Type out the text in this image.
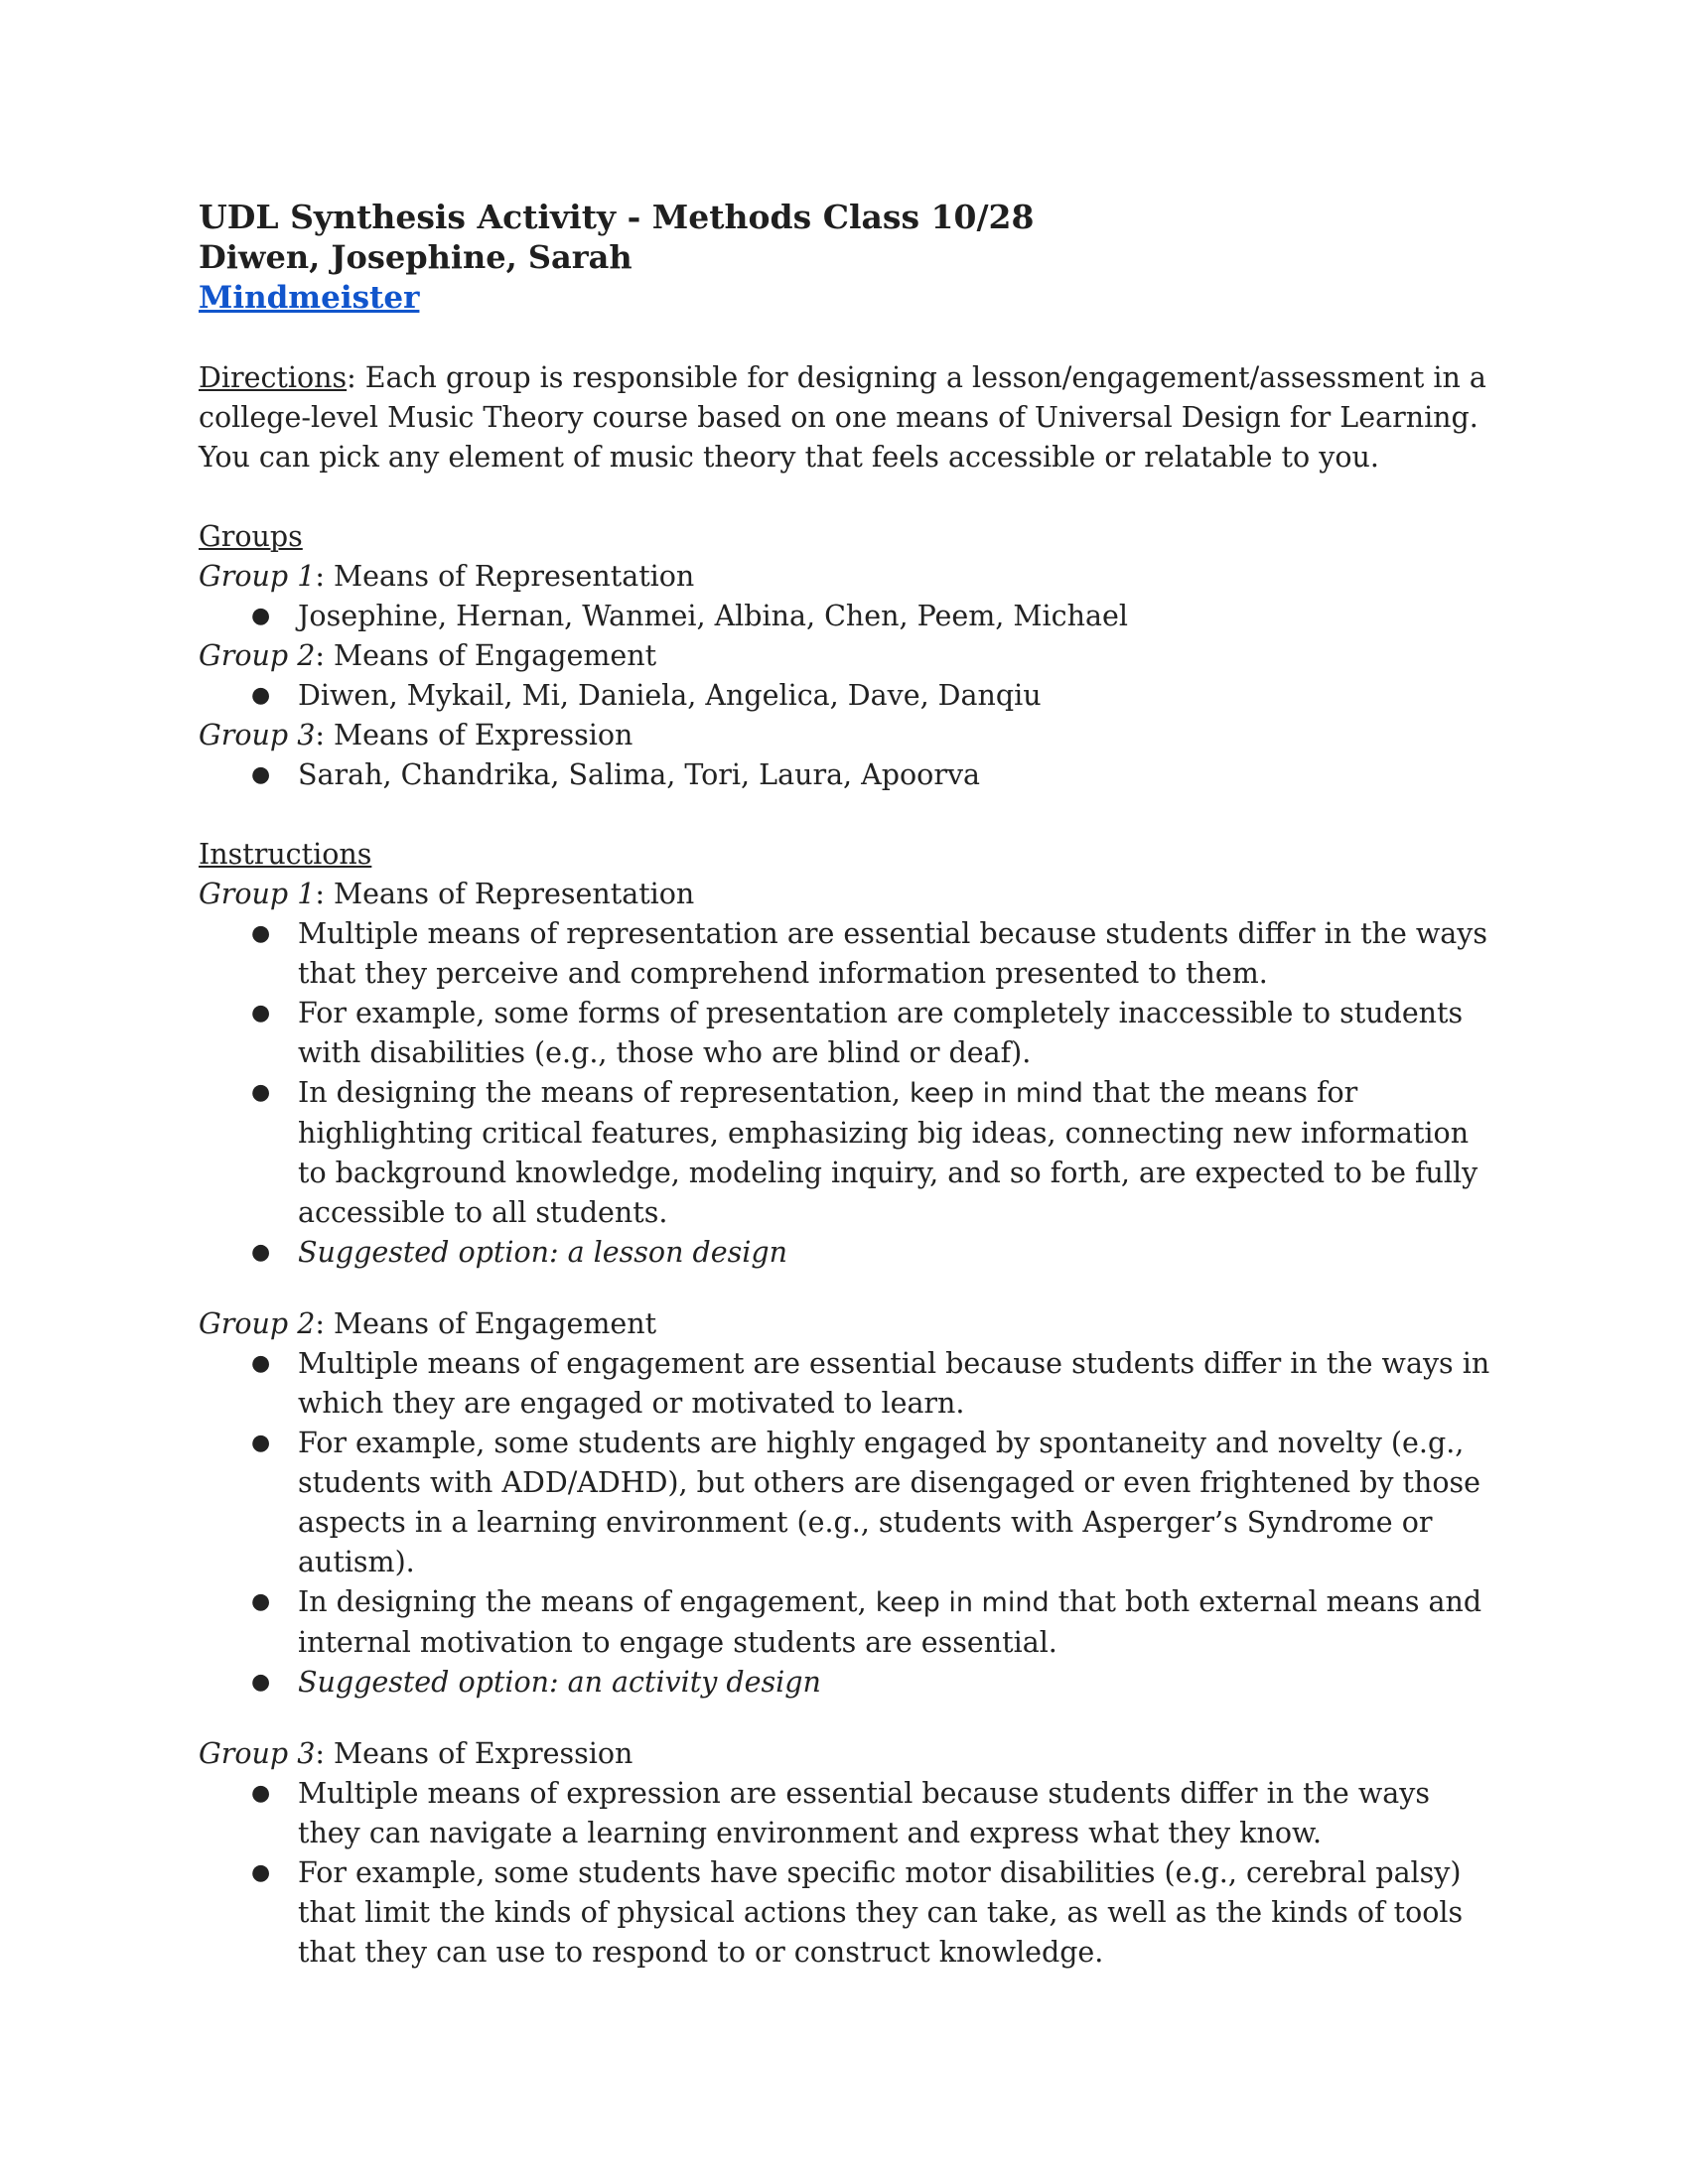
UDL Synthesis Activity - Methods Class 10/28
Diwen, Josephine, Sarah
Mindmeister
Directions: Each group is responsible for designing a lesson/engagement/assessment in a college-level Music Theory course based on one means of Universal Design for Learning. You can pick any element of music theory that feels accessible or relatable to you.
Groups
Group 1: Means of Representation
● Josephine, Hernan, Wanmei, Albina, Chen, Peem, Michael
Group 2: Means of Engagement
● Diwen, Mykail, Mi, Daniela, Angelica, Dave, Danqiu
Group 3: Means of Expression
● Sarah, Chandrika, Salima, Tori, Laura, Apoorva
Instructions
Group 1: Means of Representation
● Multiple means of representation are essential because students differ in the ways that they perceive and comprehend information presented to them.
● For example, some forms of presentation are completely inaccessible to students with disabilities (e.g., those who are blind or deaf).
● In designing the means of representation, keep in mind that the means for highlighting critical features, emphasizing big ideas, connecting new information to background knowledge, modeling inquiry, and so forth, are expected to be fully accessible to all students.
● Suggested option: a lesson design
Group 2: Means of Engagement
● Multiple means of engagement are essential because students differ in the ways in which they are engaged or motivated to learn.
● For example, some students are highly engaged by spontaneity and novelty (e.g., students with ADD/ADHD), but others are disengaged or even frightened by those aspects in a learning environment (e.g., students with Asperger’s Syndrome or autism).
● In designing the means of engagement, keep in mind that both external means and internal motivation to engage students are essential.
● Suggested option: an activity design
Group 3: Means of Expression
● Multiple means of expression are essential because students differ in the ways they can navigate a learning environment and express what they know.
● For example, some students have specific motor disabilities (e.g., cerebral palsy) that limit the kinds of physical actions they can take, as well as the kinds of tools that they can use to respond to or construct knowledge.
